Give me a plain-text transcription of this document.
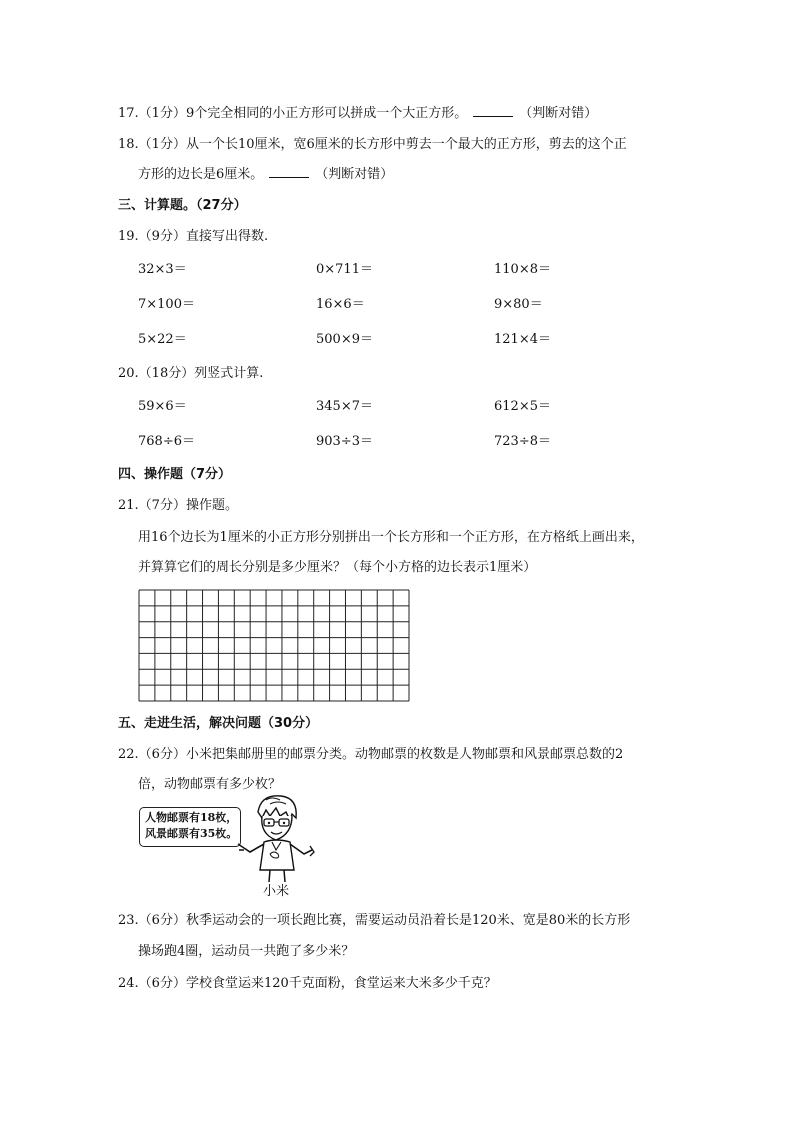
17.（1分）9个完全相同的小正方形可以拼成一个大正方形。	（判断对错）
18.（1分）从一个长10厘米，宽6厘米的长方形中剪去一个最大的正方形，剪去的这个正
方形的边长是6厘米。	（判断对错）
三、计算题。（27分）
19.（9分）直接写出得数.
32×3＝	0×711＝	110×8＝
7×100＝	16×6＝	9×80＝
5×22＝	500×9＝	121×4＝
20.（18分）列竖式计算.
59×6＝	345×7＝	612×5＝
768÷6＝	903÷3＝	723÷8＝
四、操作题（7分）
21.（7分）操作题。
用16个边长为1厘米的小正方形分别拼出一个长方形和一个正方形，在方格纸上画出来，
并算算它们的周长分别是多少厘米？（每个小方格的边长表示1厘米）
五、走进生活，解决问题（30分）
22.（6分）小米把集邮册里的邮票分类。动物邮票的枚数是人物邮票和风景邮票总数的2
倍，动物邮票有多少枚？
人物邮票有18枚，
风景邮票有35枚。
小米
23.（6分）秋季运动会的一项长跑比赛，需要运动员沿着长是120米、宽是80米的长方形
操场跑4圈，运动员一共跑了多少米？
24.（6分）学校食堂运来120千克面粉，食堂运来大米多少千克？
